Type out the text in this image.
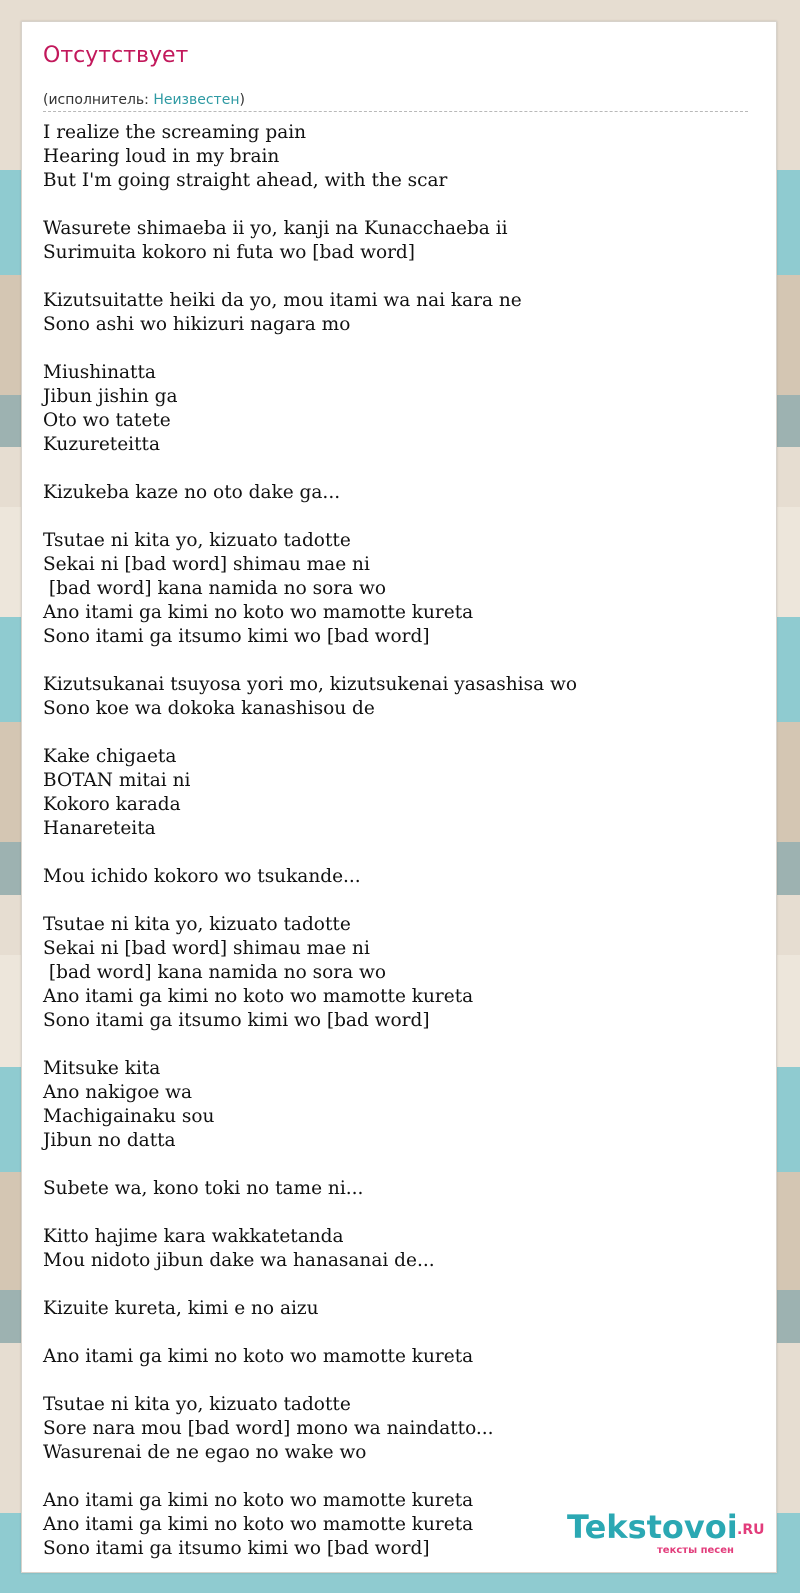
Отсутствует
(исполнитель: Неизвестен)
I realize the screaming pain
Hearing loud in my brain
But I'm going straight ahead, with the scar

Wasurete shimaeba ii yo, kanji na Kunacchaeba ii
Surimuita kokoro ni futa wo [bad word]

Kizutsuitatte heiki da yo, mou itami wa nai kara ne
Sono ashi wo hikizuri nagara mo

Miushinatta
Jibun jishin ga
Oto wo tatete
Kuzureteitta

Kizukeba kaze no oto dake ga...

Tsutae ni kita yo, kizuato tadotte
Sekai ni [bad word] shimau mae ni
[bad word] kana namida no sora wo
Ano itami ga kimi no koto wo mamotte kureta
Sono itami ga itsumo kimi wo [bad word]

Kizutsukanai tsuyosa yori mo, kizutsukenai yasashisa wo
Sono koe wa dokoka kanashisou de

Kake chigaeta
BOTAN mitai ni
Kokoro karada
Hanareteita

Mou ichido kokoro wo tsukande...

Tsutae ni kita yo, kizuato tadotte
Sekai ni [bad word] shimau mae ni
[bad word] kana namida no sora wo
Ano itami ga kimi no koto wo mamotte kureta
Sono itami ga itsumo kimi wo [bad word]

Mitsuke kita
Ano nakigoe wa
Machigainaku sou
Jibun no datta

Subete wa, kono toki no tame ni...

Kitto hajime kara wakkatetanda
Mou nidoto jibun dake wa hanasanai de...

Kizuite kureta, kimi e no aizu

Ano itami ga kimi no koto wo mamotte kureta

Tsutae ni kita yo, kizuato tadotte
Sore nara mou [bad word] mono wa naindatto...
Wasurenai de ne egao no wake wo

Ano itami ga kimi no koto wo mamotte kureta
Ano itami ga kimi no koto wo mamotte kureta
Sono itami ga itsumo kimi wo [bad word]
Tekstovoi .RU
тексты песен
